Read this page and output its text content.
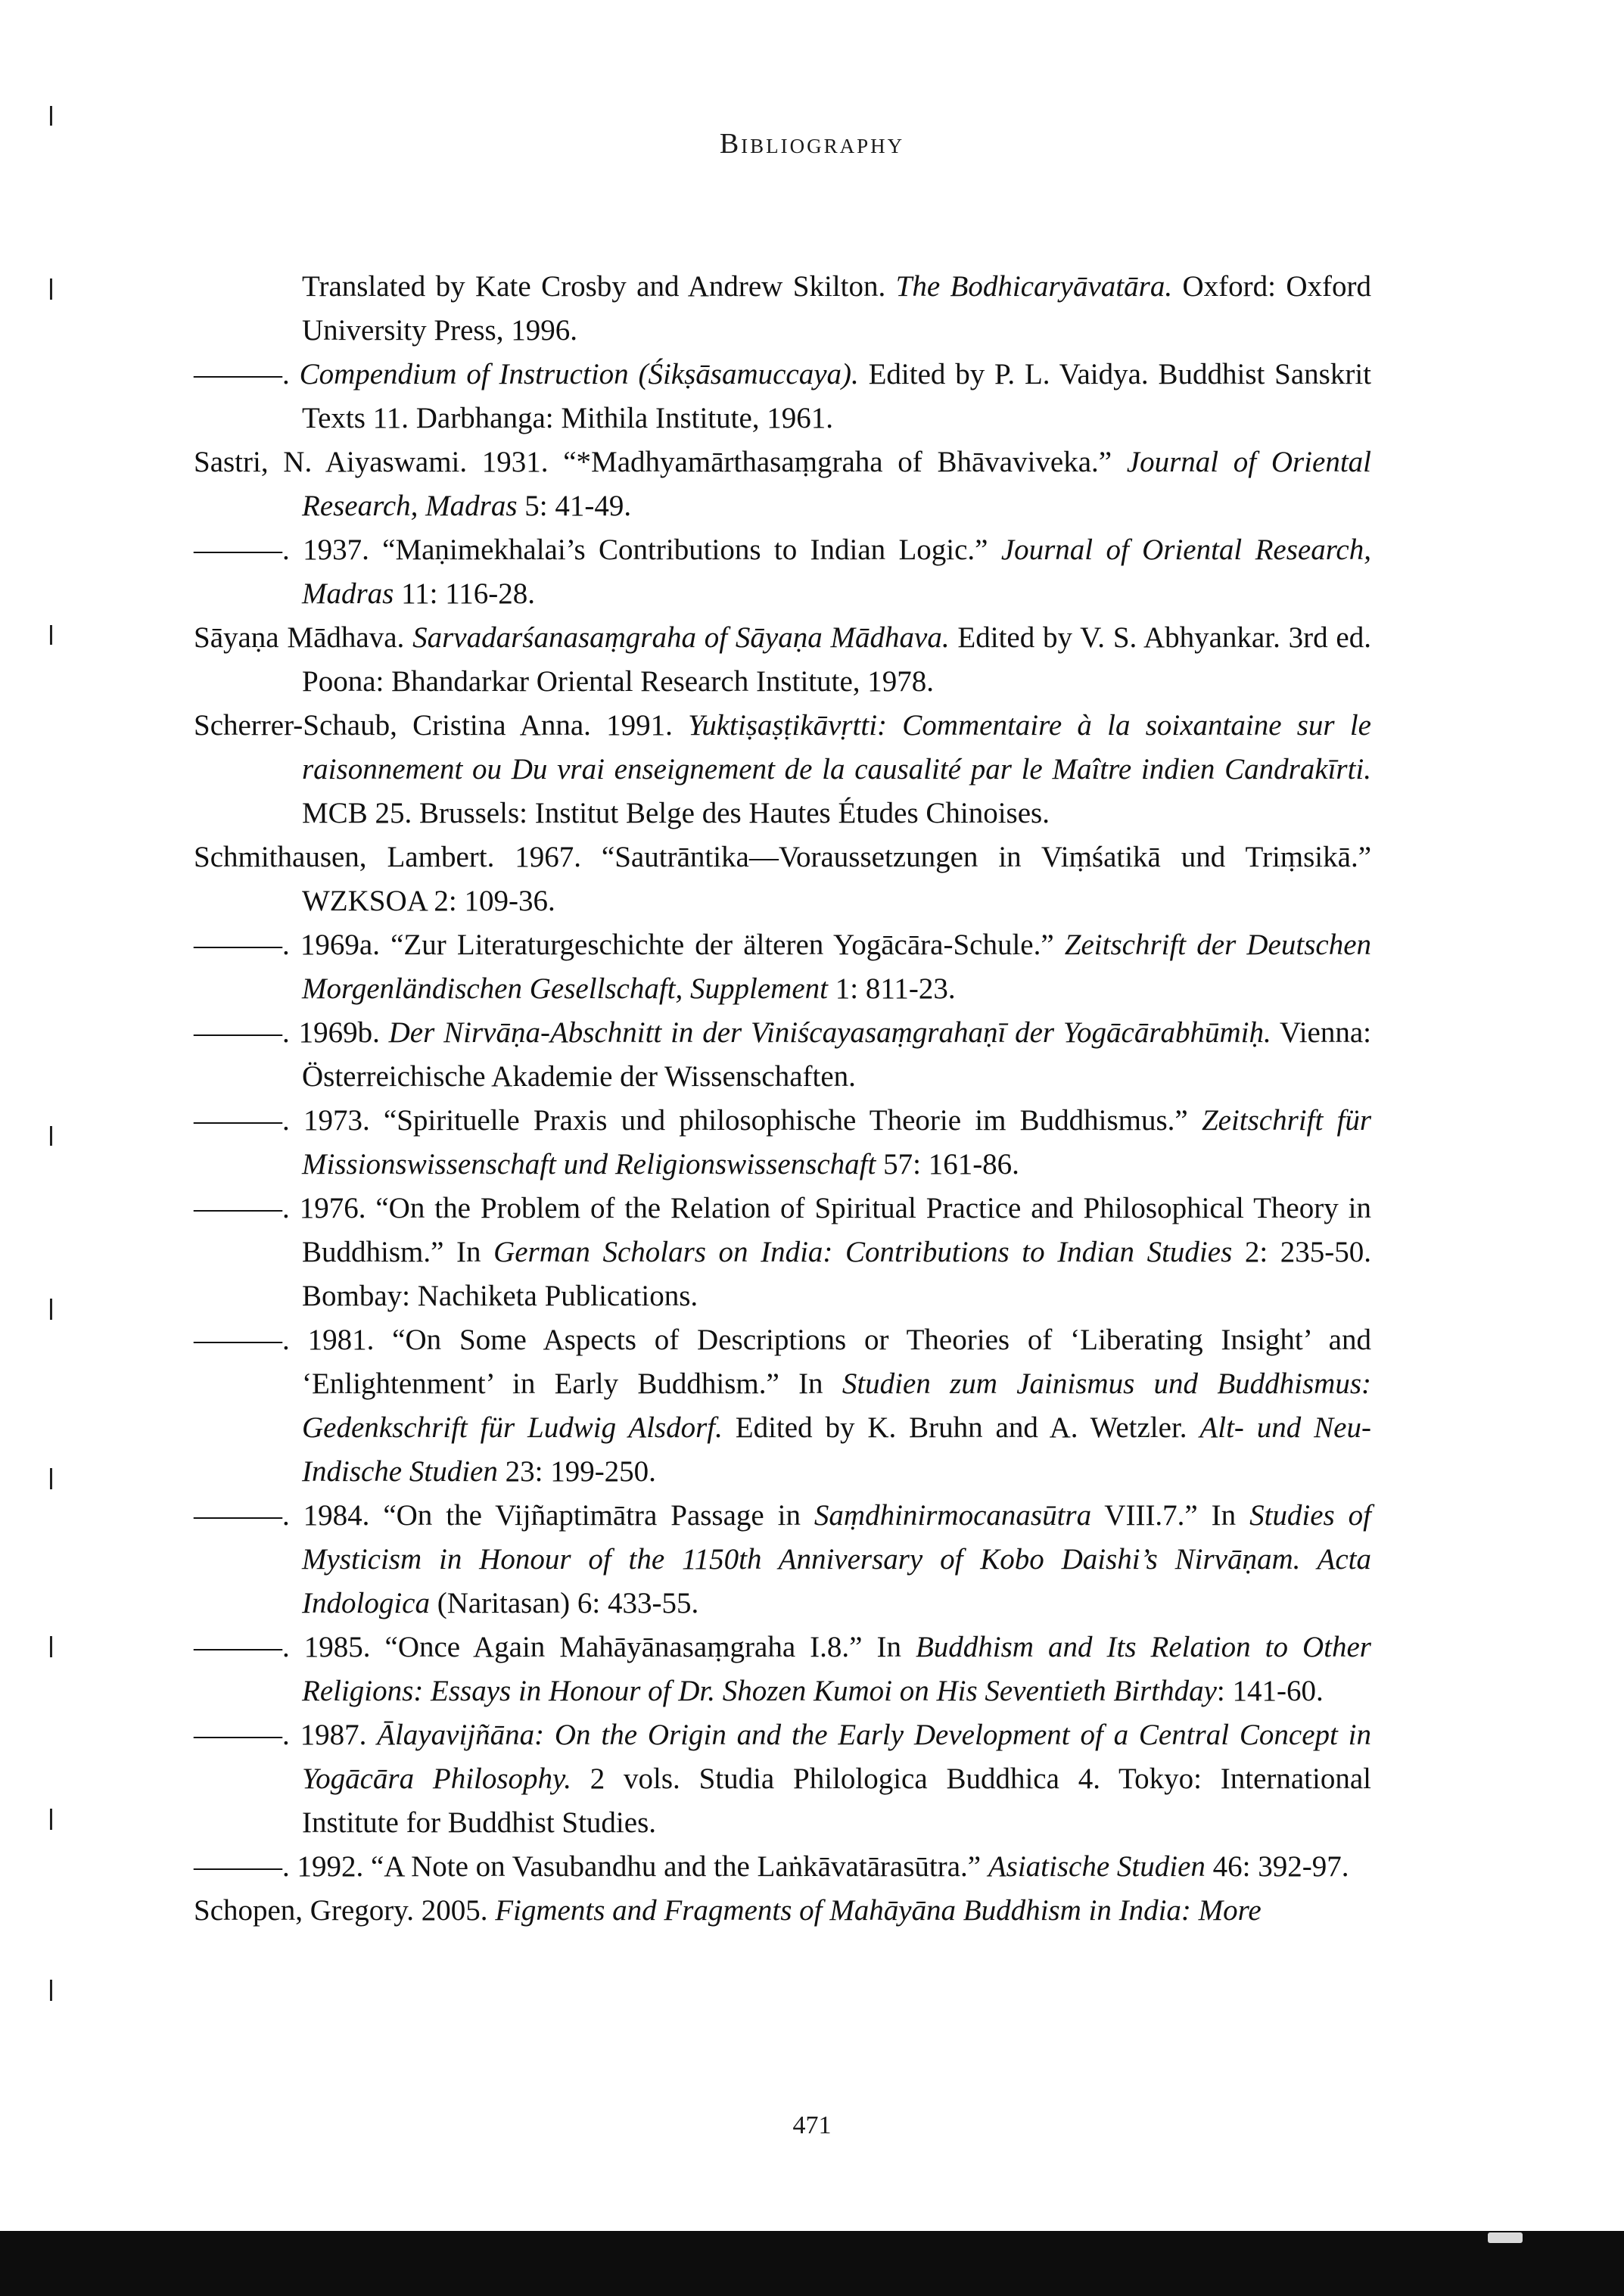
Bibliography

Translated by Kate Crosby and Andrew Skilton. The Bodhicaryāvatāra. Oxford: Oxford University Press, 1996.

———. Compendium of Instruction (Śikṣāsamuccaya). Edited by P. L. Vaidya. Buddhist Sanskrit Texts 11. Darbhanga: Mithila Institute, 1961.

Sastri, N. Aiyaswami. 1931. “*Madhyamārthasaṃgraha of Bhāvaviveka.” Journal of Oriental Research, Madras 5: 41-49.

———. 1937. “Maṇimekhalai’s Contributions to Indian Logic.” Journal of Oriental Research, Madras 11: 116-28.

Sāyaṇa Mādhava. Sarvadarśanasaṃgraha of Sāyaṇa Mādhava. Edited by V. S. Abhyankar. 3rd ed. Poona: Bhandarkar Oriental Research Institute, 1978.

Scherrer-Schaub, Cristina Anna. 1991. Yuktiṣaṣṭikāvṛtti: Commentaire à la soixantaine sur le raisonnement ou Du vrai enseignement de la causalité par le Maître indien Candrakīrti. MCB 25. Brussels: Institut Belge des Hautes Études Chinoises.

Schmithausen, Lambert. 1967. “Sautrāntika—Voraussetzungen in Viṃśatikā und Triṃsikā.” WZKSOA 2: 109-36.

———. 1969a. “Zur Literaturgeschichte der älteren Yogācāra-Schule.” Zeitschrift der Deutschen Morgenländischen Gesellschaft, Supplement 1: 811-23.

———. 1969b. Der Nirvāṇa-Abschnitt in der Viniścayasaṃgrahaṇī der Yogācārabhūmiḥ. Vienna: Österreichische Akademie der Wissenschaften.

———. 1973. “Spirituelle Praxis und philosophische Theorie im Buddhismus.” Zeitschrift für Missionswissenschaft und Religionswissenschaft 57: 161-86.

———. 1976. “On the Problem of the Relation of Spiritual Practice and Philosophical Theory in Buddhism.” In German Scholars on India: Contributions to Indian Studies 2: 235-50. Bombay: Nachiketa Publications.

———. 1981. “On Some Aspects of Descriptions or Theories of ‘Liberating Insight’ and ‘Enlightenment’ in Early Buddhism.” In Studien zum Jainismus und Buddhismus: Gedenkschrift für Ludwig Alsdorf. Edited by K. Bruhn and A. Wetzler. Alt- und Neu-Indische Studien 23: 199-250.

———. 1984. “On the Vijñaptimātra Passage in Saṃdhinirmocanasūtra VIII.7.” In Studies of Mysticism in Honour of the 1150th Anniversary of Kobo Daishi’s Nirvāṇam. Acta Indologica (Naritasan) 6: 433-55.

———. 1985. “Once Again Mahāyānasaṃgraha I.8.” In Buddhism and Its Relation to Other Religions: Essays in Honour of Dr. Shozen Kumoi on His Seventieth Birthday: 141-60.

———. 1987. Ālayavijñāna: On the Origin and the Early Development of a Central Concept in Yogācāra Philosophy. 2 vols. Studia Philologica Buddhica 4. Tokyo: International Institute for Buddhist Studies.

———. 1992. “A Note on Vasubandhu and the Laṅkāvatārasūtra.” Asiatische Studien 46: 392-97.

Schopen, Gregory. 2005. Figments and Fragments of Mahāyāna Buddhism in India: More

471
